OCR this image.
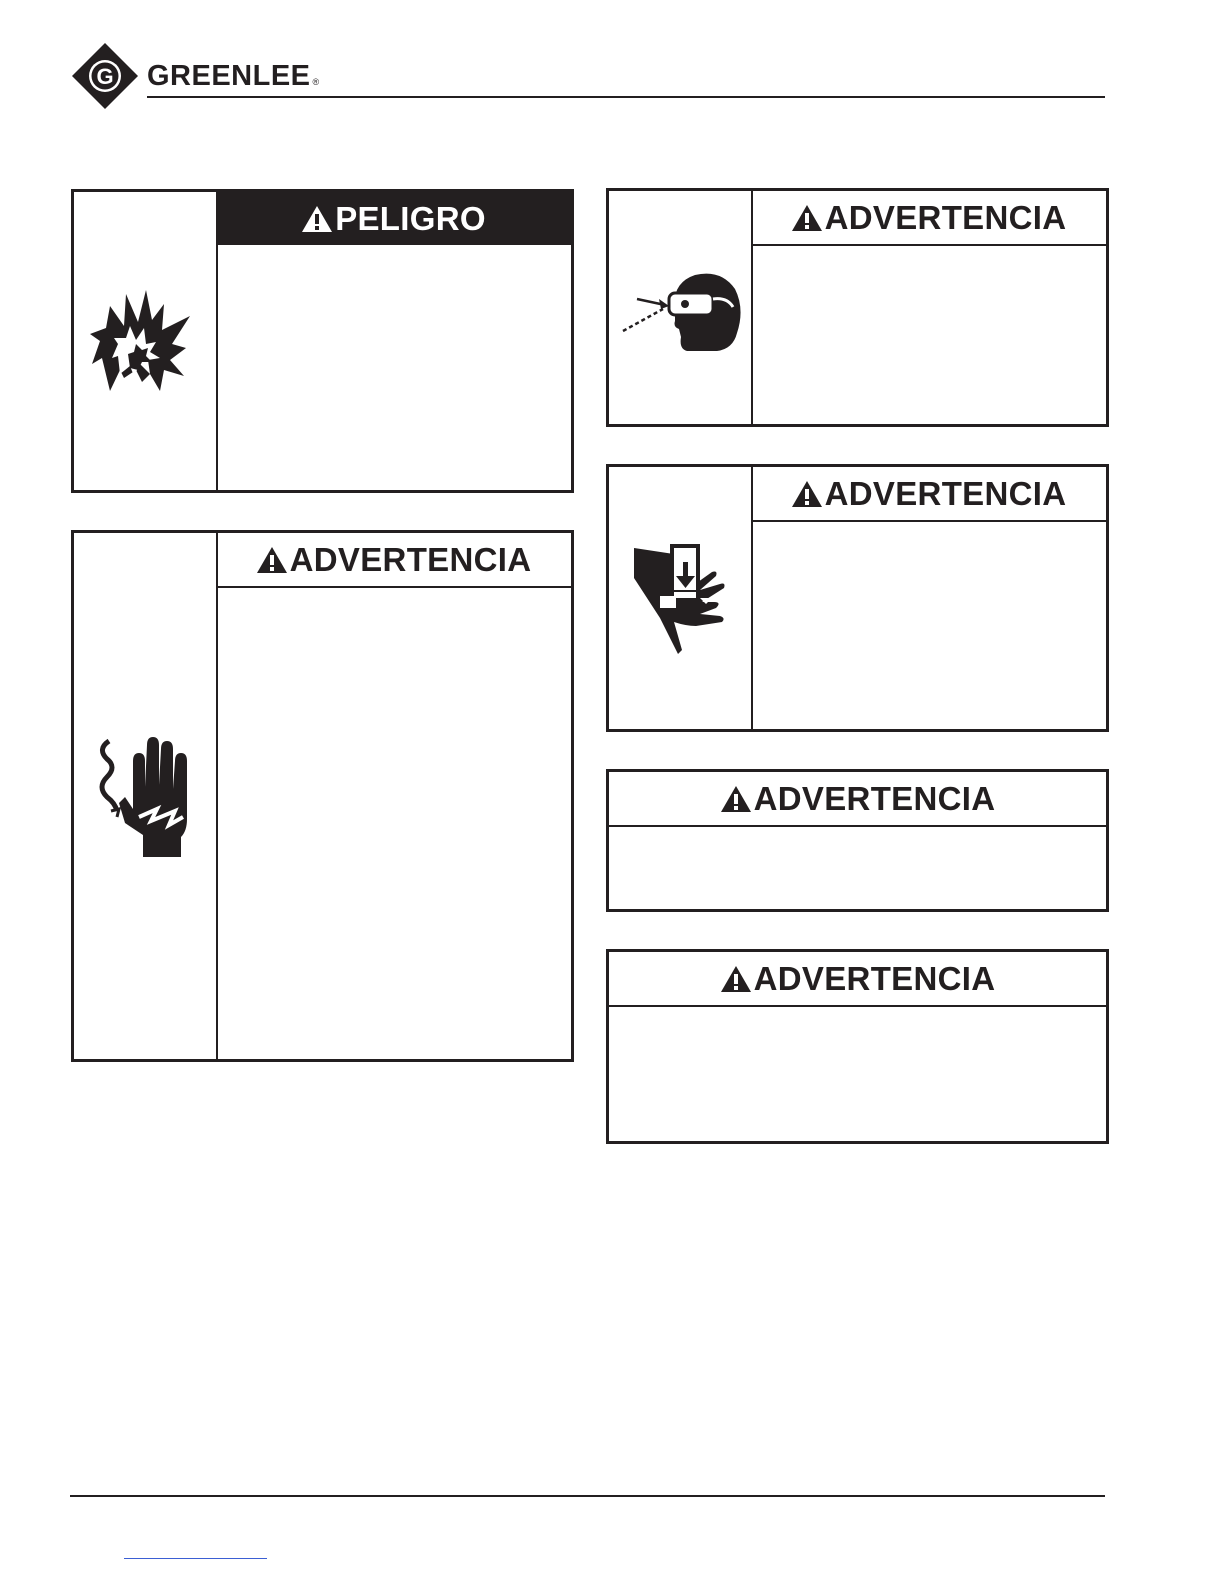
G GREENLEE ®
PELIGRO
ADVERTENCIA
ADVERTENCIA
ADVERTENCIA
ADVERTENCIA
ADVERTENCIA
